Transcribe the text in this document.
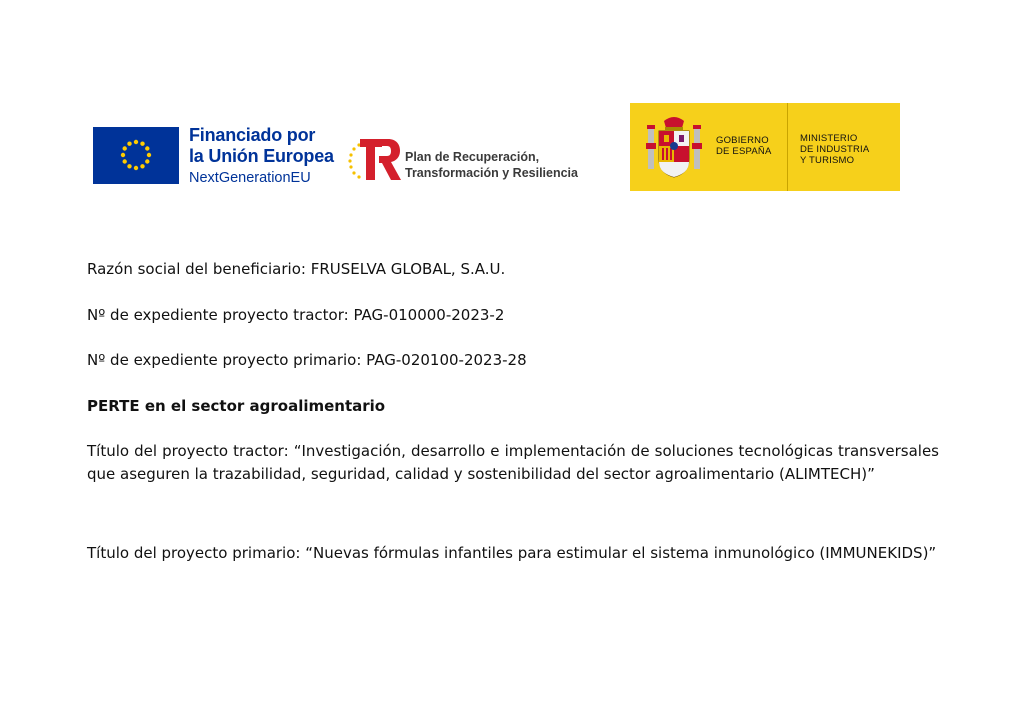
Financiado por
la Unión Europea
NextGenerationEU
Plan de Recuperación,
Transformación y Resiliencia
GOBIERNO
DE ESPAÑA
MINISTERIO
DE INDUSTRIA
Y TURISMO

Razón social del beneficiario: FRUSELVA GLOBAL, S.A.U.

Nº de expediente proyecto tractor: PAG-010000-2023-2

Nº de expediente proyecto primario: PAG-020100-2023-28

PERTE en el sector agroalimentario

Título del proyecto tractor: “Investigación, desarrollo e implementación de soluciones tecnológicas transversales que aseguren la trazabilidad, seguridad, calidad y sostenibilidad del sector agroalimentario (ALIMTECH)”

Título del proyecto primario: “Nuevas fórmulas infantiles para estimular el sistema inmunológico (IMMUNEKIDS)”
